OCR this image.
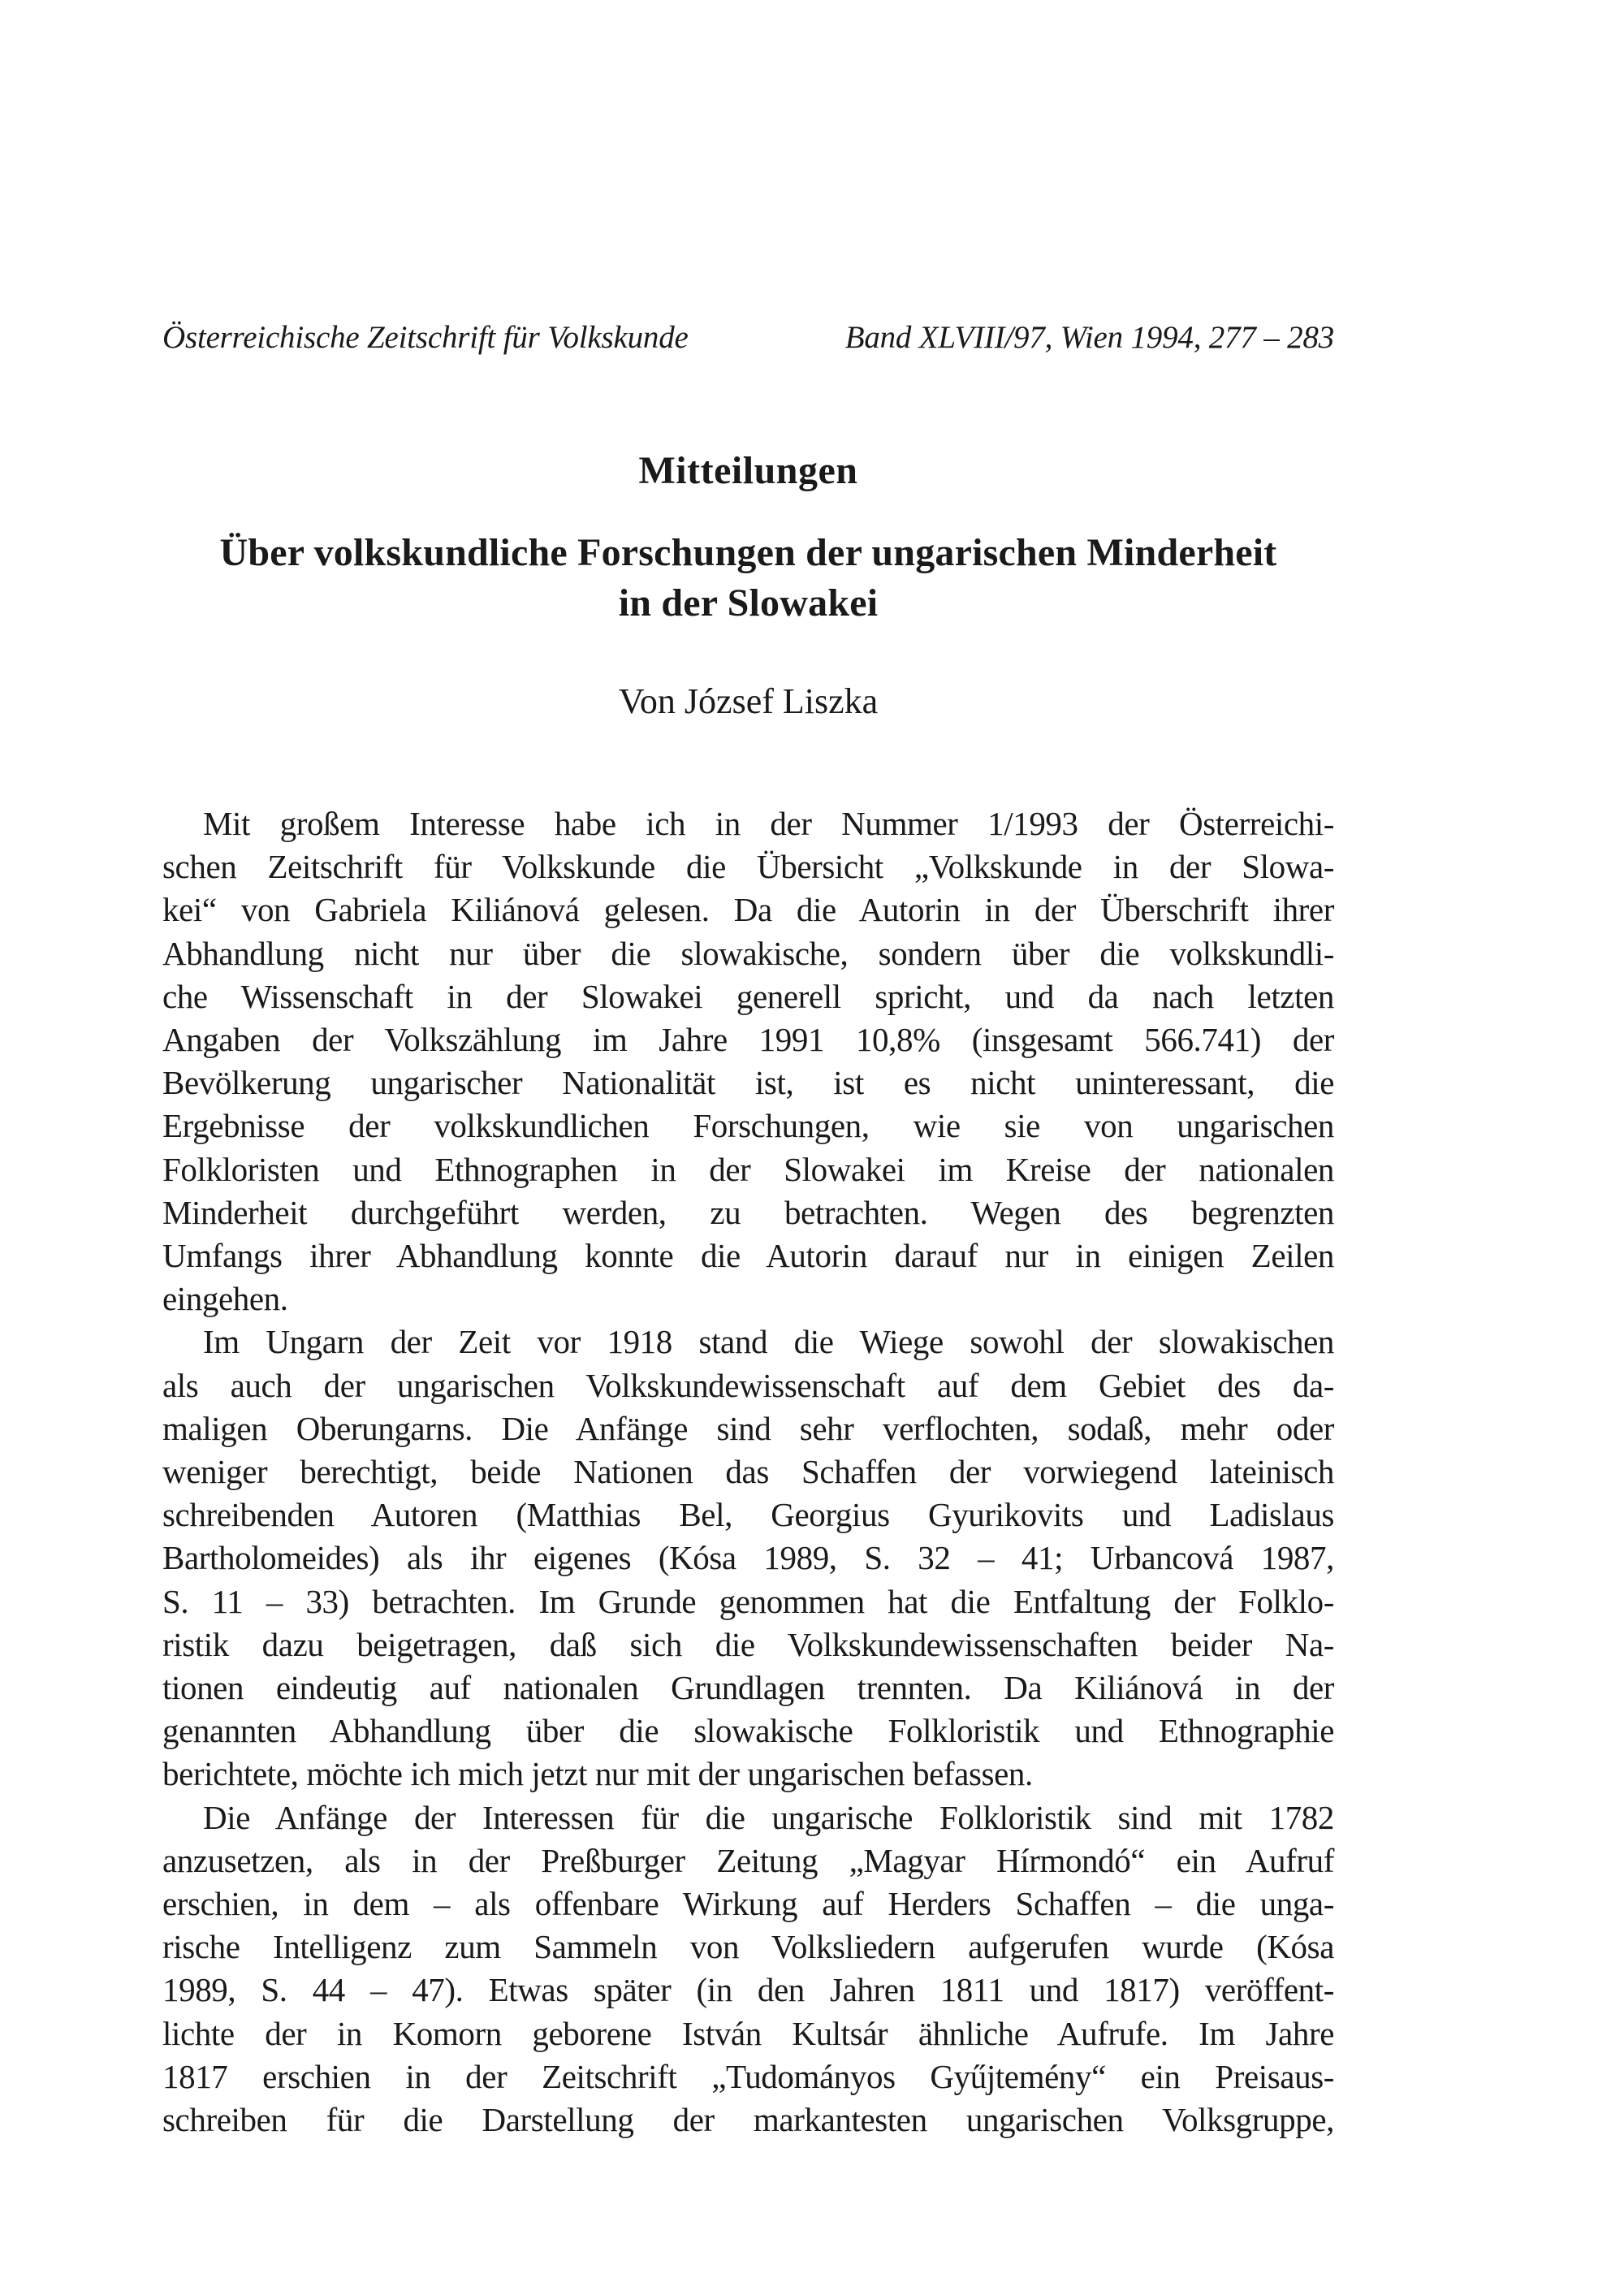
Österreichische Zeitschrift für Volkskunde	Band XLVIII/97, Wien 1994, 277 – 283
Mitteilungen
Über volkskundliche Forschungen der ungarischen Minderheit
in der Slowakei
Von József Liszka
Mit großem Interesse habe ich in der Nummer 1/1993 der Österreichi-
schen Zeitschrift für Volkskunde die Übersicht „Volkskunde in der Slowa-
kei“ von Gabriela Kiliánová gelesen. Da die Autorin in der Überschrift ihrer
Abhandlung nicht nur über die slowakische, sondern über die volkskundli-
che Wissenschaft in der Slowakei generell spricht, und da nach letzten
Angaben der Volkszählung im Jahre 1991 10,8% (insgesamt 566.741) der
Bevölkerung ungarischer Nationalität ist, ist es nicht uninteressant, die
Ergebnisse der volkskundlichen Forschungen, wie sie von ungarischen
Folkloristen und Ethnographen in der Slowakei im Kreise der nationalen
Minderheit durchgeführt werden, zu betrachten. Wegen des begrenzten
Umfangs ihrer Abhandlung konnte die Autorin darauf nur in einigen Zeilen
eingehen.
Im Ungarn der Zeit vor 1918 stand die Wiege sowohl der slowakischen
als auch der ungarischen Volkskundewissenschaft auf dem Gebiet des da-
maligen Oberungarns. Die Anfänge sind sehr verflochten, sodaß, mehr oder
weniger berechtigt, beide Nationen das Schaffen der vorwiegend lateinisch
schreibenden Autoren (Matthias Bel, Georgius Gyurikovits und Ladislaus
Bartholomeides) als ihr eigenes (Kósa 1989, S. 32 – 41; Urbancová 1987,
S. 11 – 33) betrachten. Im Grunde genommen hat die Entfaltung der Folklo-
ristik dazu beigetragen, daß sich die Volkskundewissenschaften beider Na-
tionen eindeutig auf nationalen Grundlagen trennten. Da Kiliánová in der
genannten Abhandlung über die slowakische Folkloristik und Ethnographie
berichtete, möchte ich mich jetzt nur mit der ungarischen befassen.
Die Anfänge der Interessen für die ungarische Folkloristik sind mit 1782
anzusetzen, als in der Preßburger Zeitung „Magyar Hírmondó“ ein Aufruf
erschien, in dem – als offenbare Wirkung auf Herders Schaffen – die unga-
rische Intelligenz zum Sammeln von Volksliedern aufgerufen wurde (Kósa
1989, S. 44 – 47). Etwas später (in den Jahren 1811 und 1817) veröffent-
lichte der in Komorn geborene István Kultsár ähnliche Aufrufe. Im Jahre
1817 erschien in der Zeitschrift „Tudományos Gyűjtemény“ ein Preisaus-
schreiben für die Darstellung der markantesten ungarischen Volksgruppe,
